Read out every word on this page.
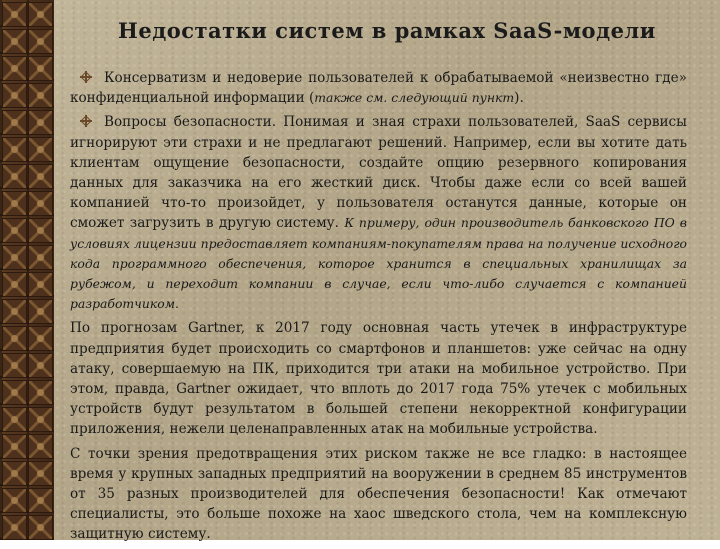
Недостатки систем в рамках SaaS-модели

Консерватизм и недоверие пользователей к обрабатываемой «неизвестно где» конфиденциальной информации (также см. следующий пункт).

Вопросы безопасности. Понимая и зная страхи пользователей, SaaS сервисы игнорируют эти страхи и не предлагают решений. Например, если вы хотите дать клиентам ощущение безопасности, создайте опцию резервного копирования данных для заказчика на его жесткий диск. Чтобы даже если со всей вашей компанией что-то произойдет, у пользователя останутся данные, которые он сможет загрузить в другую систему. К примеру, один производитель банковского ПО в условиях лицензии предоставляет компаниям-покупателям права на получение исходного кода программного обеспечения, которое хранится в специальных хранилищах за рубежом, и переходит компании в случае, если что-либо случается с компанией разработчиком.

По прогнозам Gartner, к 2017 году основная часть утечек в инфраструктуре предприятия будет происходить со смартфонов и планшетов: уже сейчас на одну атаку, совершаемую на ПК, приходится три атаки на мобильное устройство. При этом, правда, Gartner ожидает, что вплоть до 2017 года 75% утечек с мобильных устройств будут результатом в большей степени некорректной конфигурации приложения, нежели целенаправленных атак на мобильные устройства.

С точки зрения предотвращения этих риском также не все гладко: в настоящее время у крупных западных предприятий на вооружении в среднем 85 инструментов от 35 разных производителей для обеспечения безопасности! Как отмечают специалисты, это больше похоже на хаос шведского стола, чем на комплексную защитную систему.
